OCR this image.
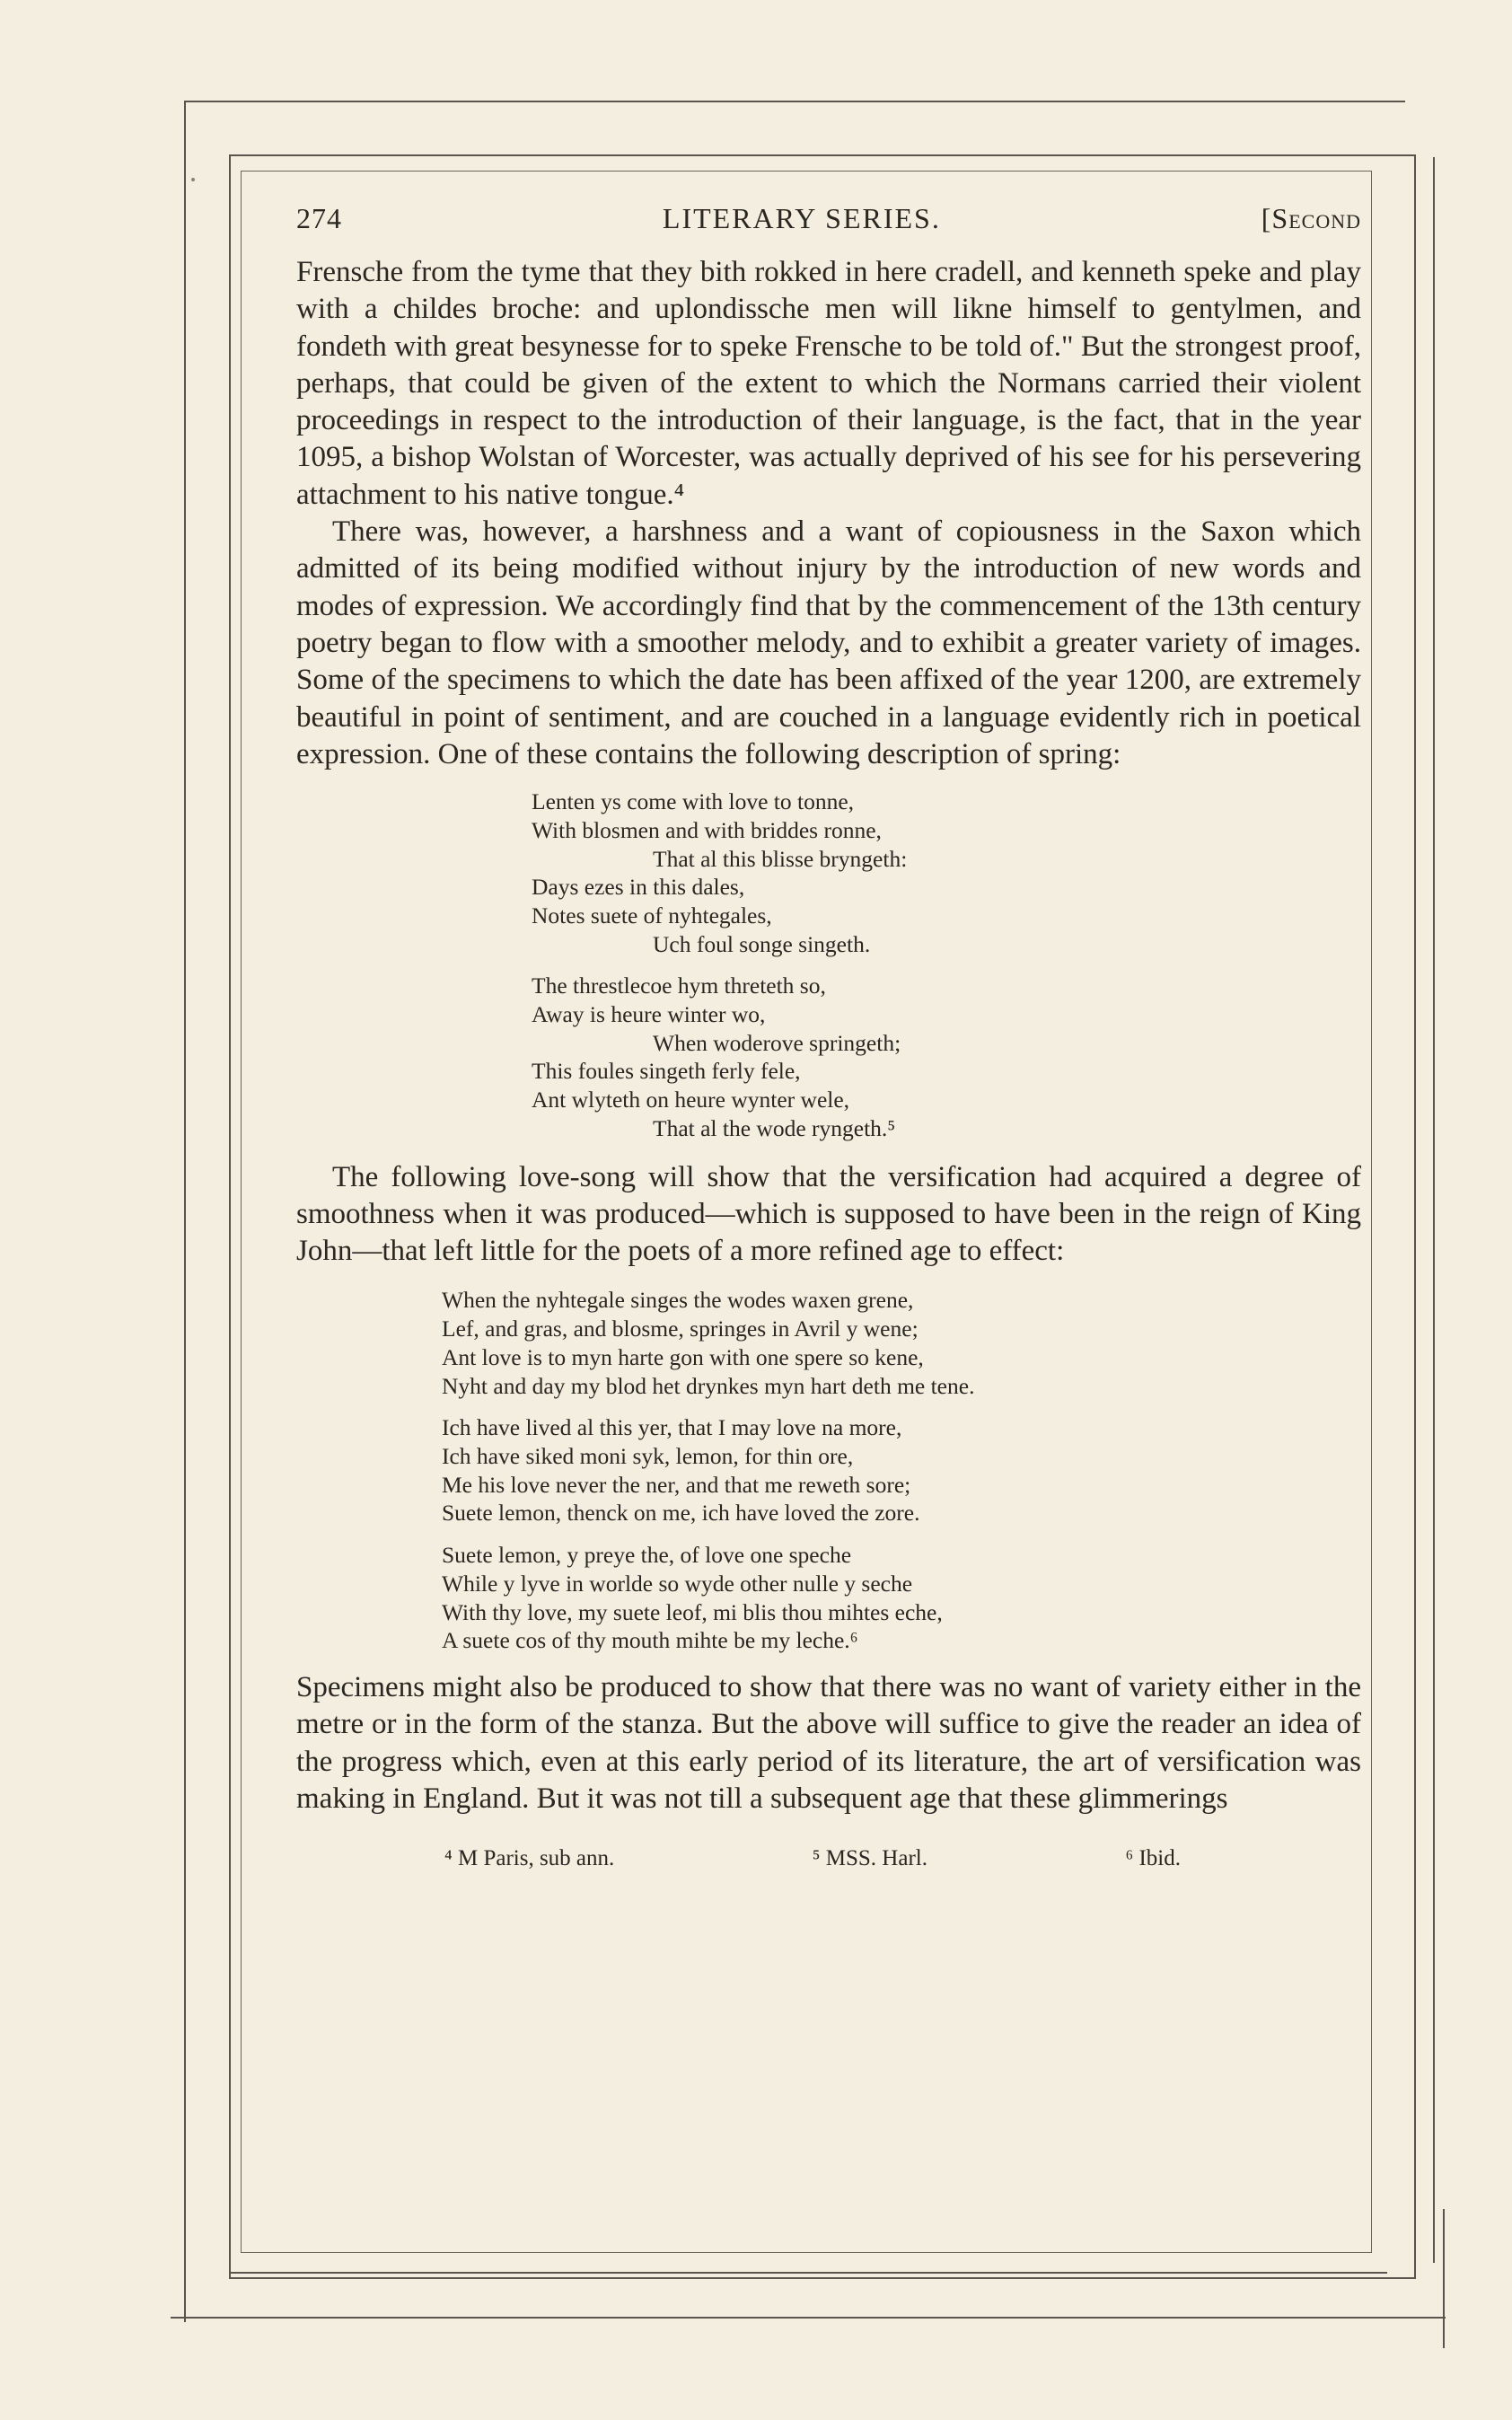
274	LITERARY SERIES.	[Second

Frensche from the tyme that they bith rokked in here cradell, and kenneth speke and play with a childes broche: and uplondissche men will likne himself to gentylmen, and fondeth with great besynesse for to speke Frensche to be told of." But the strongest proof, perhaps, that could be given of the extent to which the Normans carried their violent proceedings in respect to the introduction of their language, is the fact, that in the year 1095, a bishop Wolstan of Worcester, was actually deprived of his see for his persevering attachment to his native tongue.⁴

There was, however, a harshness and a want of copiousness in the Saxon which admitted of its being modified without injury by the introduction of new words and modes of expression. We accordingly find that by the commencement of the 13th century poetry began to flow with a smoother melody, and to exhibit a greater variety of images. Some of the specimens to which the date has been affixed of the year 1200, are extremely beautiful in point of sentiment, and are couched in a language evidently rich in poetical expression. One of these contains the following description of spring:

Lenten ys come with love to tonne,
With blosmen and with briddes ronne,
That al this blisse bryngeth:
Days ezes in this dales,
Notes suete of nyhtegales,
Uch foul songe singeth.
The threstlecoe hym threteth so,
Away is heure winter wo,
When woderove springeth;
This foules singeth ferly fele,
Ant wlyteth on heure wynter wele,
That al the wode ryngeth.⁵

The following love-song will show that the versification had acquired a degree of smoothness when it was produced—which is supposed to have been in the reign of King John—that left little for the poets of a more refined age to effect:

When the nyhtegale singes the wodes waxen grene,
Lef, and gras, and blosme, springes in Avril y wene;
Ant love is to myn harte gon with one spere so kene,
Nyht and day my blod het drynkes myn hart deth me tene.
Ich have lived al this yer, that I may love na more,
Ich have siked moni syk, lemon, for thin ore,
Me his love never the ner, and that me reweth sore;
Suete lemon, thenck on me, ich have loved the zore.
Suete lemon, y preye the, of love one speche
While y lyve in worlde so wyde other nulle y seche
With thy love, my suete leof, mi blis thou mihtes eche,
A suete cos of thy mouth mihte be my leche.⁶

Specimens might also be produced to show that there was no want of variety either in the metre or in the form of the stanza. But the above will suffice to give the reader an idea of the progress which, even at this early period of its literature, the art of versification was making in England. But it was not till a subsequent age that these glimmerings

⁴ M Paris, sub ann.	⁵ MSS. Harl.	⁶ Ibid.
